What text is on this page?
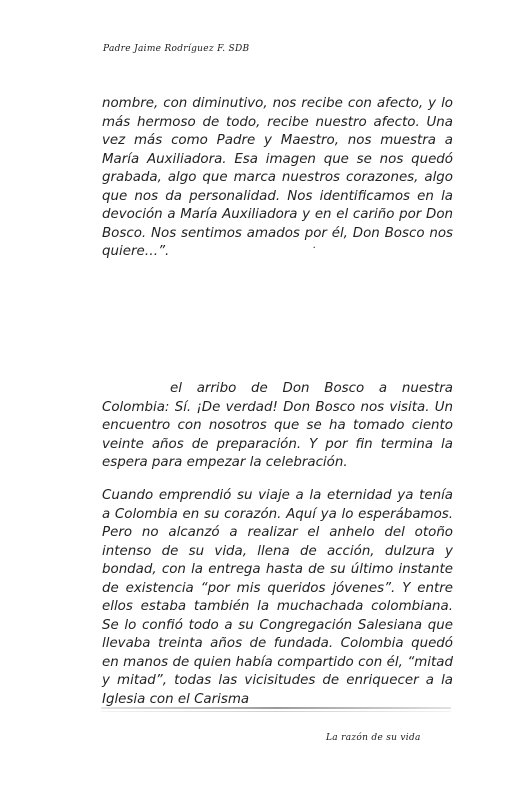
Padre Jaime Rodríguez F. SDB
nombre, con diminutivo, nos recibe con afecto, y lo más hermoso de todo, recibe nuestro afecto. Una vez más como Padre y Maestro, nos muestra a María Auxiliadora. Esa imagen que se nos quedó grabada, algo que marca nuestros corazones, algo que nos da personalidad. Nos identificamos en la devoción a María Auxiliadora y en el cariño por Don Bosco. Nos sentimos amados por él, Don Bosco nos quiere…”.	.
el arribo de Don Bosco a nuestra Colombia: Sí. ¡De verdad! Don Bosco nos visita. Un encuentro con nosotros que se ha tomado ciento veinte años de preparación. Y por fin termina la espera para empezar la celebración.
Cuando emprendió su viaje a la eternidad ya tenía a Colombia en su corazón. Aquí ya lo esperábamos. Pero no alcanzó a realizar el anhelo del otoño intenso de su vida, llena de acción, dulzura y bondad, con la entrega hasta de su último instante de existencia “por mis queridos jóvenes”. Y entre ellos estaba también la muchachada colombiana. Se lo confió todo a su Congregación Salesiana que llevaba treinta años de fundada. Colombia quedó en manos de quien había compartido con él, “mitad y mitad”, todas las vicisitudes de enriquecer a la Iglesia con el Carisma
La razón de su vida
